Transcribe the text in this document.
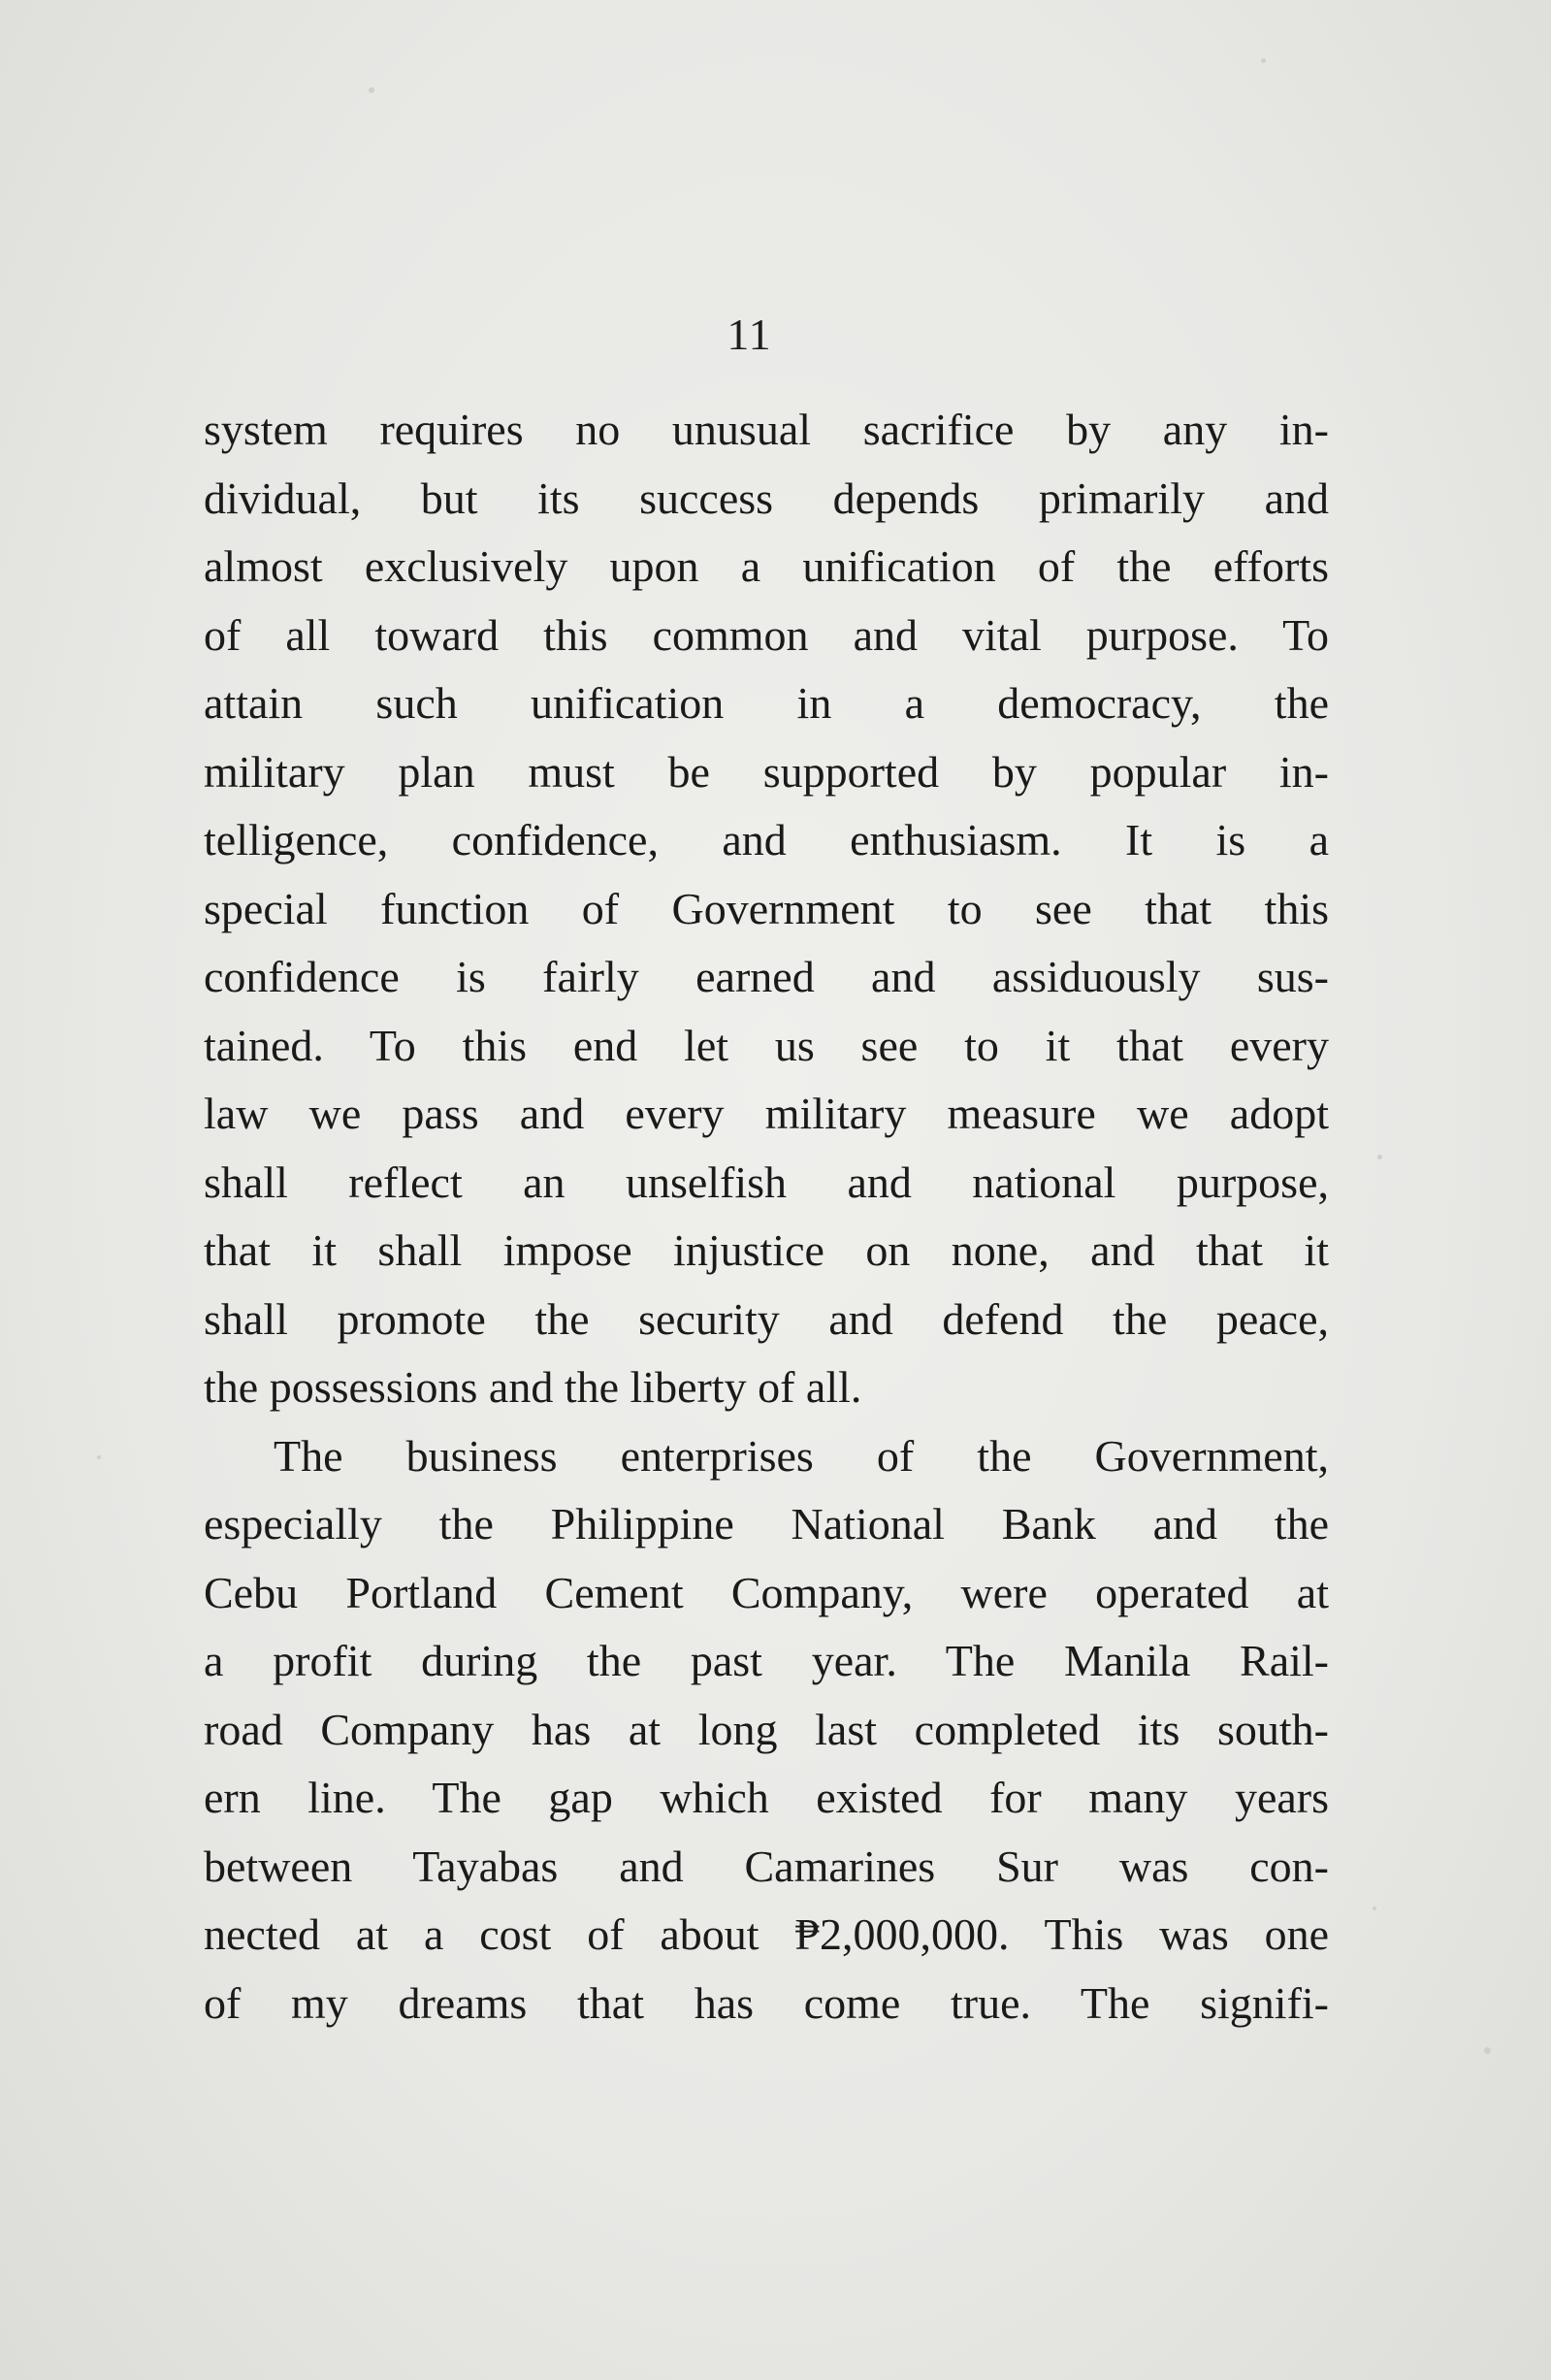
11
system requires no unusual sacrifice by any in-
dividual, but its success depends primarily and
almost exclusively upon a unification of the efforts
of all toward this common and vital purpose. To
attain such unification in a democracy, the
military plan must be supported by popular in-
telligence, confidence, and enthusiasm. It is a
special function of Government to see that this
confidence is fairly earned and assiduously sus-
tained. To this end let us see to it that every
law we pass and every military measure we adopt
shall reflect an unselfish and national purpose,
that it shall impose injustice on none, and that it
shall promote the security and defend the peace,
the possessions and the liberty of all.
The business enterprises of the Government,
especially the Philippine National Bank and the
Cebu Portland Cement Company, were operated at
a profit during the past year. The Manila Rail-
road Company has at long last completed its south-
ern line. The gap which existed for many years
between Tayabas and Camarines Sur was con-
nected at a cost of about ₱2,000,000. This was one
of my dreams that has come true. The signifi-
